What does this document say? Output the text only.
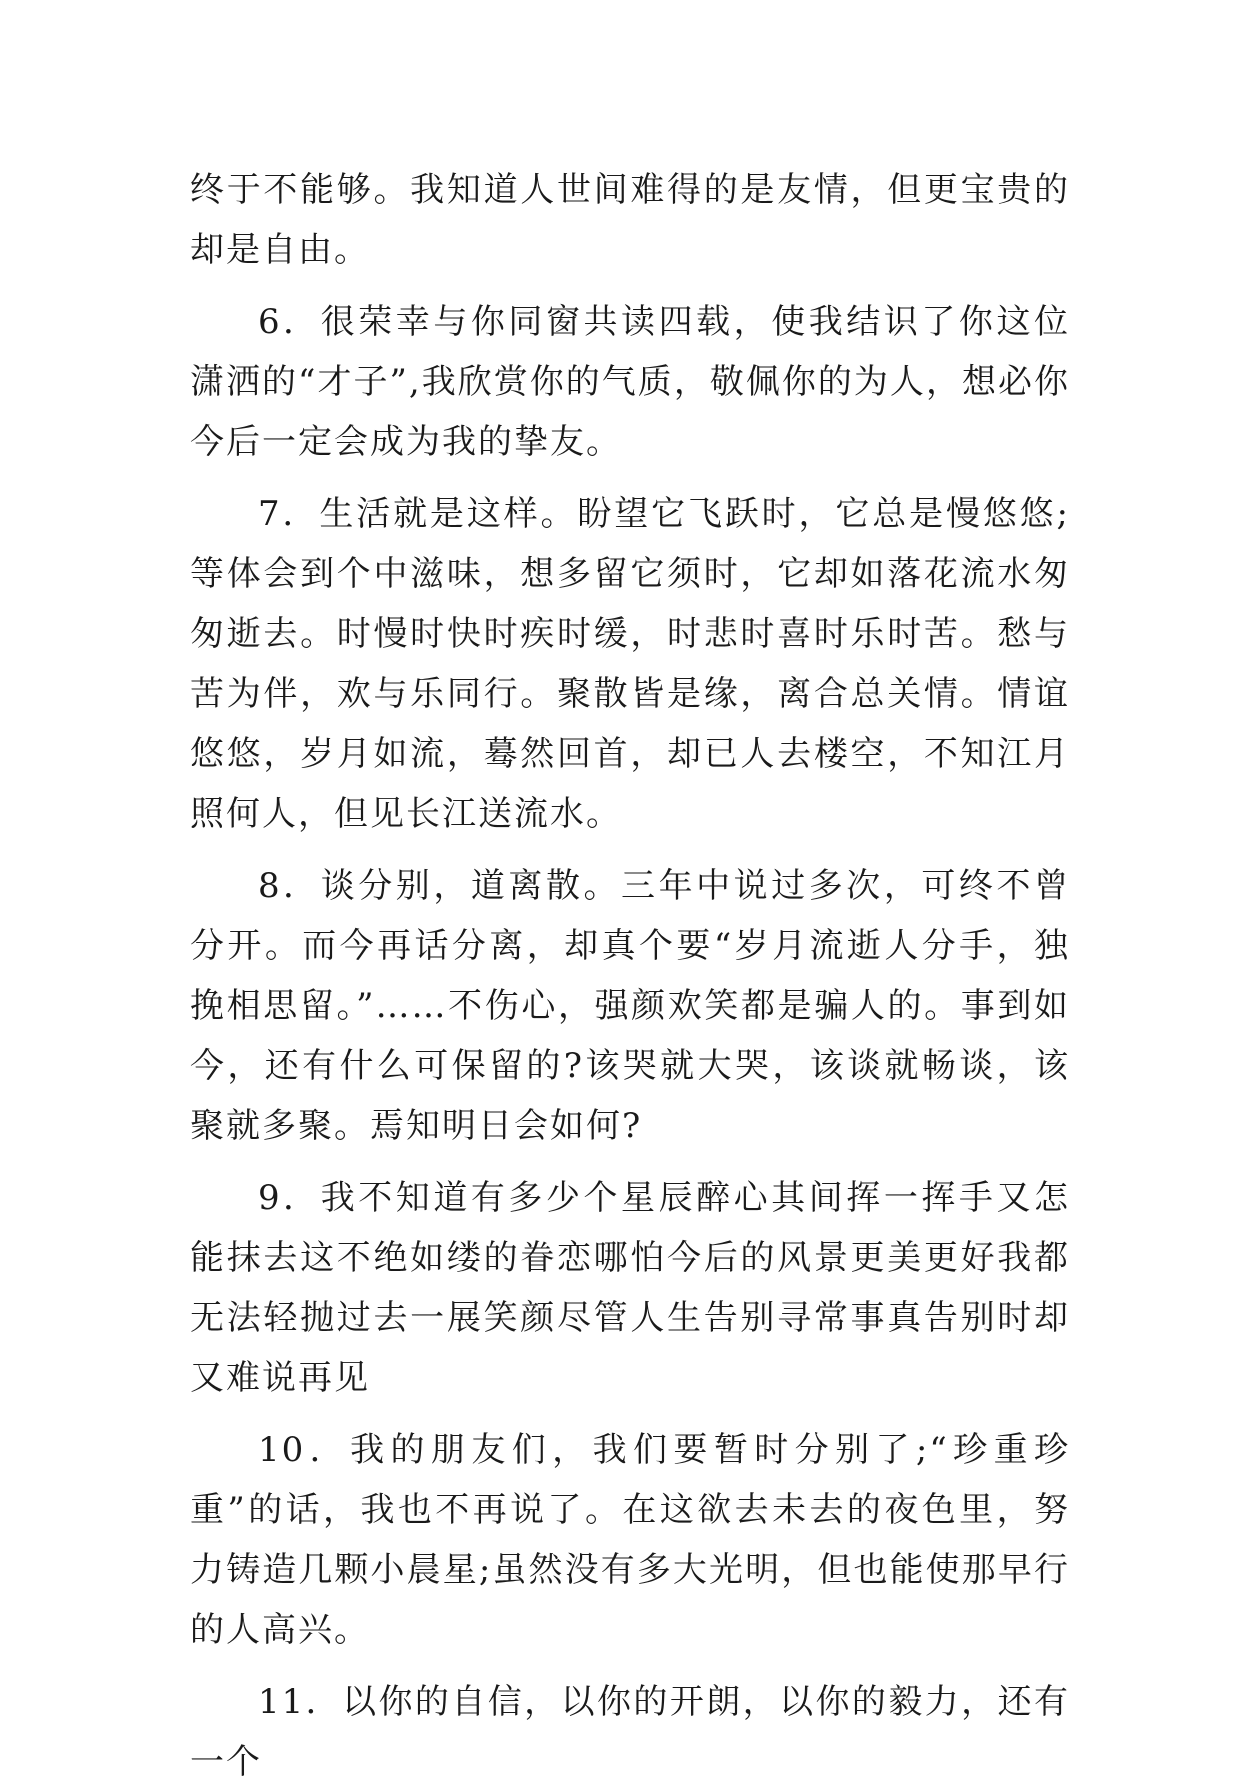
终于不能够。我知道人世间难得的是友情，但更宝贵的却是自由。

6．很荣幸与你同窗共读四载，使我结识了你这位潇洒的“才子”,我欣赏你的气质，敬佩你的为人，想必你今后一定会成为我的挚友。

7．生活就是这样。盼望它飞跃时，它总是慢悠悠;等体会到个中滋味，想多留它须时，它却如落花流水匆匆逝去。时慢时快时疾时缓，时悲时喜时乐时苦。愁与苦为伴，欢与乐同行。聚散皆是缘，离合总关情。情谊悠悠，岁月如流，蓦然回首，却已人去楼空，不知江月照何人，但见长江送流水。

8．谈分别，道离散。三年中说过多次，可终不曾分开。而今再话分离，却真个要“岁月流逝人分手，独挽相思留。”……不伤心，强颜欢笑都是骗人的。事到如今，还有什么可保留的?该哭就大哭，该谈就畅谈，该聚就多聚。焉知明日会如何?

9．我不知道有多少个星辰醉心其间挥一挥手又怎能抹去这不绝如缕的眷恋哪怕今后的风景更美更好我都无法轻抛过去一展笑颜尽管人生告别寻常事真告别时却又难说再见

10．我的朋友们，我们要暂时分别了;“珍重珍重”的话，我也不再说了。在这欲去未去的夜色里，努力铸造几颗小晨星;虽然没有多大光明，但也能使那早行的人高兴。

11．以你的自信，以你的开朗，以你的毅力，还有一个
